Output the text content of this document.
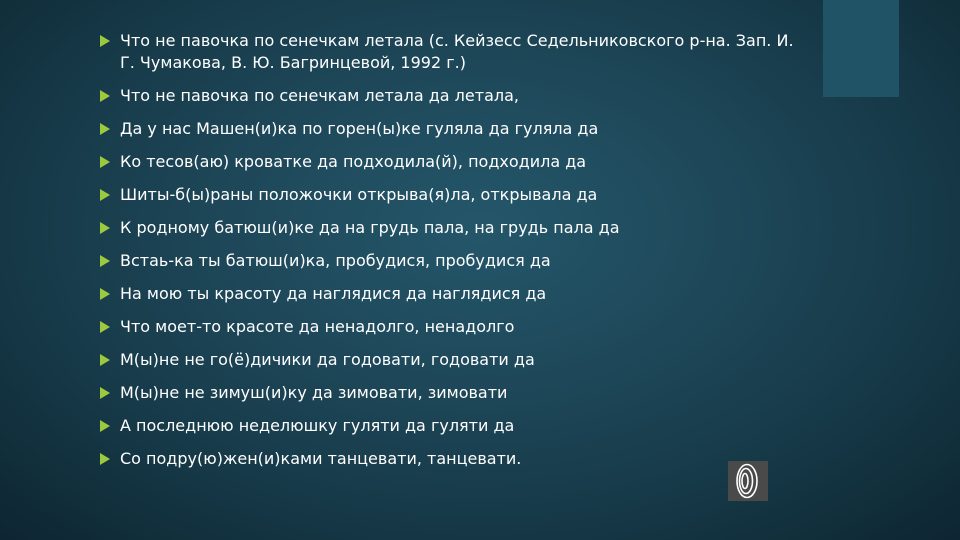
Что не павочка по сенечкам летала (с. Кейзесс Седельниковского р-на. Зап. И. Г. Чумакова, В. Ю. Багринцевой, 1992 г.)
Что не павочка по сенечкам летала да летала,
Да у нас Машен(и)ка по горен(ы)ке гуляла да гуляла да
Ко тесов(аю) кроватке да подходила(й), подходила да
Шиты-б(ы)раны положочки открыва(я)ла, открывала да
К родному батюш(и)ке да на грудь пала, на грудь пала да
Встаь-ка ты батюш(и)ка, пробудися, пробудися да
На мою ты красоту да наглядися да наглядися да
Что моет-то красоте да ненадолго, ненадолго
М(ы)не не го(ё)дичики да годовати, годовати да
М(ы)не не зимуш(и)ку да зимовати, зимовати
А последнюю неделюшку гуляти да гуляти да
Со подру(ю)жен(и)ками танцевати, танцевати.
